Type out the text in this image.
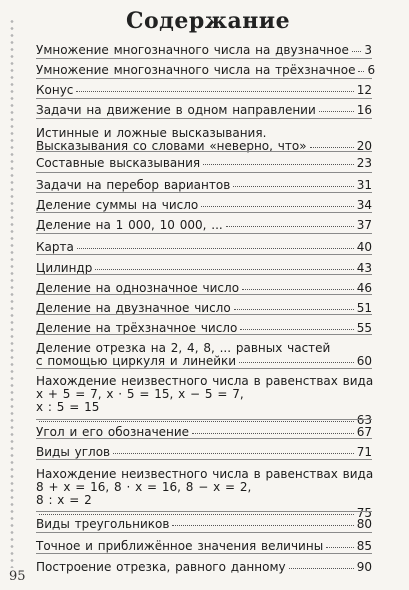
Содержание
Умножение многозначного числа на двузначное 3
Умножение многозначного числа на трёхзначное 6
Конус	12
Задачи на движение в одном направлении	16
Истинные и ложные высказывания.
Высказывания со словами «неверно, что»	20
Составные высказывания	23
Задачи на перебор вариантов	31
Деление суммы на число	34
Деление на 1 000, 10 000, ...	37
Карта	40
Цилиндр	43
Деление на однозначное число	46
Деление на двузначное число	51
Деление на трёхзначное число	55
Деление отрезка на 2, 4, 8, ... равных частей
с помощью циркуля и линейки	60
Нахождение неизвестного числа в равенствах вида
x + 5 = 7, x · 5 = 15, x − 5 = 7,
x : 5 = 15
63
Угол и его обозначение	67
Виды углов	71
Нахождение неизвестного числа в равенствах вида
8 + x = 16, 8 · x = 16, 8 − x = 2,
8 : x = 2
75
Виды треугольников	80
Точное и приближённое значения величины	85
Построение отрезка, равного данному	90
95
